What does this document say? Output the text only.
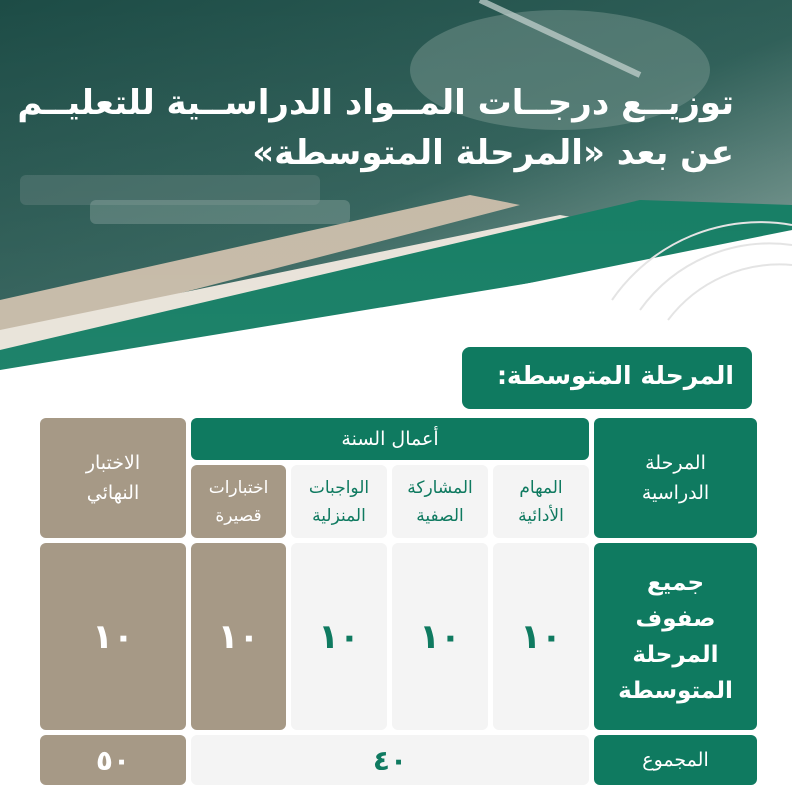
توزيــع درجــات المــواد الدراســية للتعليــم
عن بعد «المرحلة المتوسطة»
المرحلة المتوسطة:
المرحلة الدراسية
أعمال السنة
الاختبار النهائي	المهام الأدائية
المشاركة الصفية
الواجبات المنزلية
اختبارات قصيرة
جميع صفوف المرحلة المتوسطة
١٠
١٠
١٠
١٠
١٠
المجموع
٤٠
٥٠
